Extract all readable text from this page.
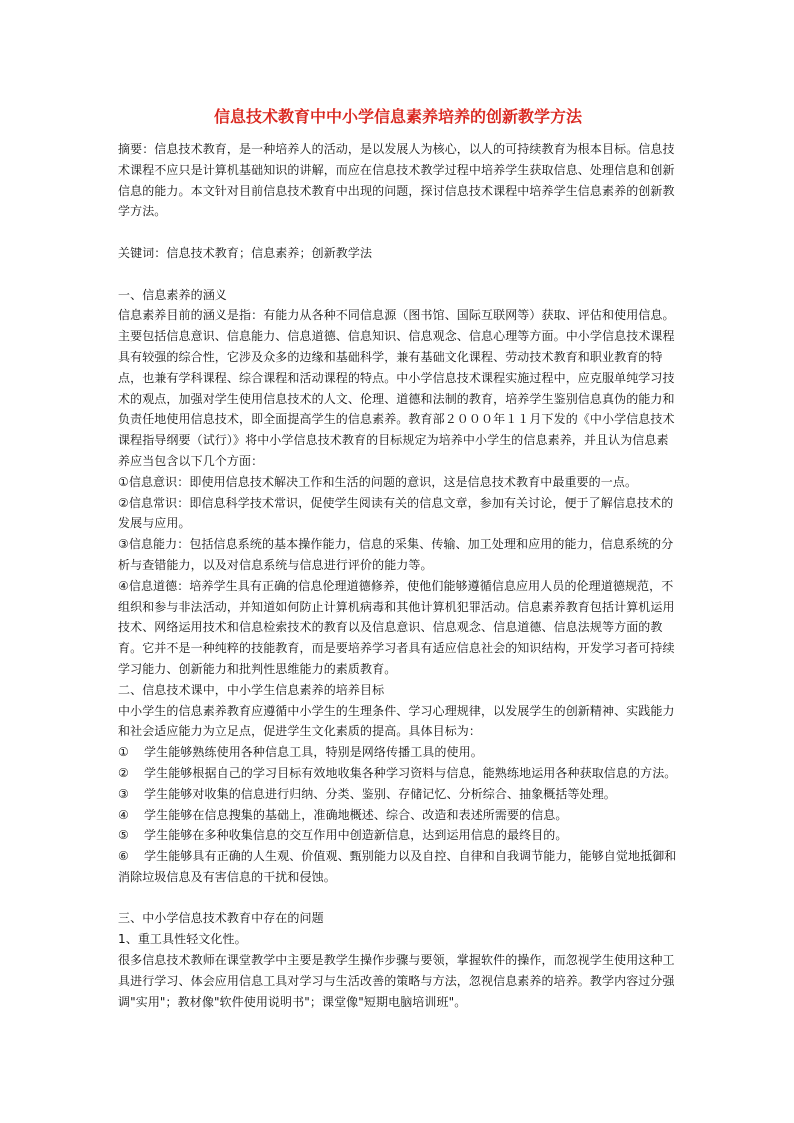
信息技术教育中中小学信息素养培养的创新教学方法

摘要：信息技术教育，是一种培养人的活动，是以发展人为核心，以人的可持续教育为根本目标。信息技术课程不应只是计算机基础知识的讲解，而应在信息技术教学过程中培养学生获取信息、处理信息和创新信息的能力。本文针对目前信息技术教育中出现的问题，探讨信息技术课程中培养学生信息素养的创新教学方法。

关键词：信息技术教育；信息素养；创新教学法

一、信息素养的涵义

信息素养目前的涵义是指：有能力从各种不同信息源（图书馆、国际互联网等）获取、评估和使用信息。主要包括信息意识、信息能力、信息道德、信息知识、信息观念、信息心理等方面。中小学信息技术课程具有较强的综合性，它涉及众多的边缘和基础科学，兼有基础文化课程、劳动技术教育和职业教育的特点，也兼有学科课程、综合课程和活动课程的特点。中小学信息技术课程实施过程中，应克服单纯学习技术的观点，加强对学生使用信息技术的人文、伦理、道德和法制的教育，培养学生鉴别信息真伪的能力和负责任地使用信息技术，即全面提高学生的信息素养。教育部２０００年１１月下发的《中小学信息技术课程指导纲要（试行）》将中小学信息技术教育的目标规定为培养中小学生的信息素养，并且认为信息素养应当包含以下几个方面：

①信息意识：即使用信息技术解决工作和生活的问题的意识，这是信息技术教育中最重要的一点。

②信息常识：即信息科学技术常识，促使学生阅读有关的信息文章，参加有关讨论，便于了解信息技术的发展与应用。

③信息能力：包括信息系统的基本操作能力，信息的采集、传输、加工处理和应用的能力，信息系统的分析与查错能力，以及对信息系统与信息进行评价的能力等。

④信息道德：培养学生具有正确的信息伦理道德修养，使他们能够遵循信息应用人员的伦理道德规范，不组织和参与非法活动，并知道如何防止计算机病毒和其他计算机犯罪活动。信息素养教育包括计算机运用技术、网络运用技术和信息检索技术的教育以及信息意识、信息观念、信息道德、信息法规等方面的教育。它并不是一种纯粹的技能教育，而是要培养学习者具有适应信息社会的知识结构，开发学习者可持续学习能力、创新能力和批判性思维能力的素质教育。

二、信息技术课中，中小学生信息素养的培养目标

中小学生的信息素养教育应遵循中小学生的生理条件、学习心理规律，以发展学生的创新精神、实践能力和社会适应能力为立足点，促进学生文化素质的提高。具体目标为：

① 学生能够熟练使用各种信息工具，特别是网络传播工具的使用。

② 学生能够根据自己的学习目标有效地收集各种学习资料与信息，能熟练地运用各种获取信息的方法。

③ 学生能够对收集的信息进行归纳、分类、鉴别、存储记忆、分析综合、抽象概括等处理。

④ 学生能够在信息搜集的基础上，准确地概述、综合、改造和表述所需要的信息。

⑤ 学生能够在多种收集信息的交互作用中创造新信息，达到运用信息的最终目的。

⑥ 学生能够具有正确的人生观、价值观、甄别能力以及自控、自律和自我调节能力，能够自觉地抵御和消除垃圾信息及有害信息的干扰和侵蚀。

三、中小学信息技术教育中存在的问题

1、重工具性轻文化性。

很多信息技术教师在课堂教学中主要是教学生操作步骤与要领，掌握软件的操作，而忽视学生使用这种工具进行学习、体会应用信息工具对学习与生活改善的策略与方法，忽视信息素养的培养。教学内容过分强调"实用"；教材像"软件使用说明书"；课堂像"短期电脑培训班"。
